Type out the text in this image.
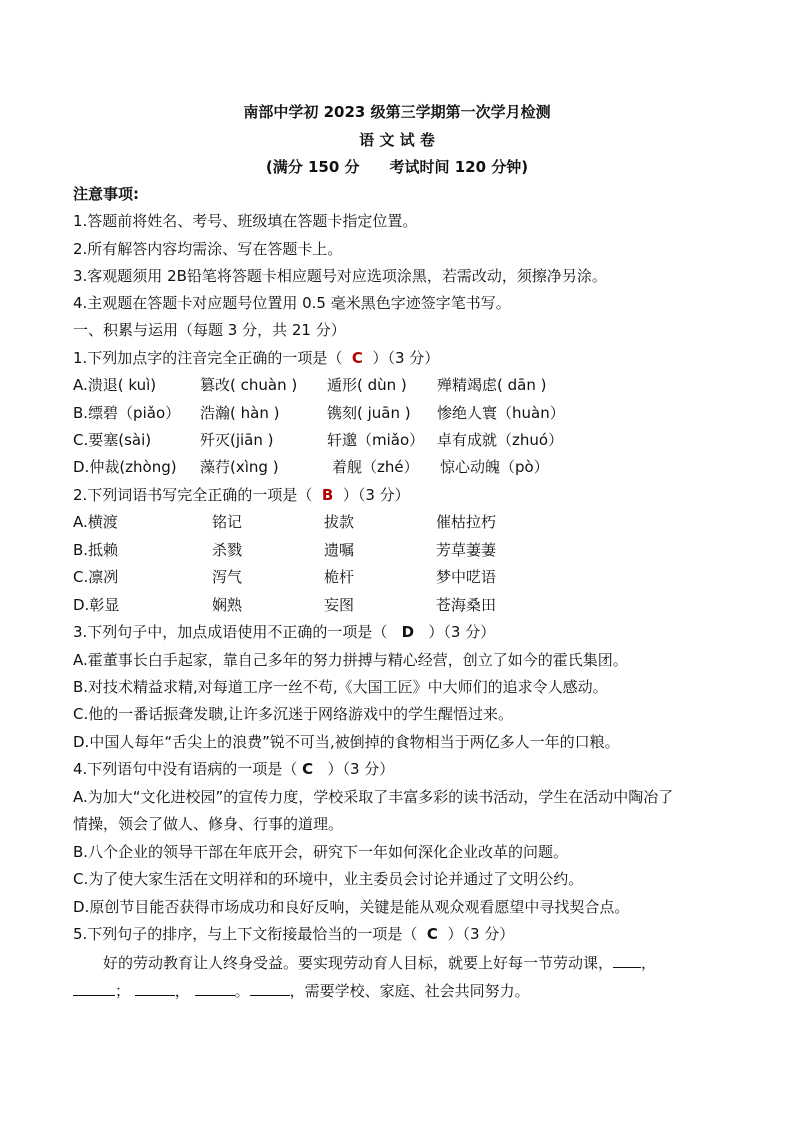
南部中学初 2023 级第三学期第一次学月检测
语 文 试 卷
(满分 150 分　　考试时间 120 分钟)
注意事项:
1.答题前将姓名、考号、班级填在答题卡指定位置。
2.所有解答内容均需涂、写在答题卡上。
3.客观题须用 2B铅笔将答题卡相应题号对应选项涂黑，若需改动，须擦净另涂。
4.主观题在答题卡对应题号位置用 0.5 毫米黑色字迹签字笔书写。
一、积累与运用（每题 3 分，共 21 分）
1.下列加点字的注音完全正确的一项是（ C ）（3 分）
A.溃退( kuì)	篡改( chuàn ) 遁形( dùn ) 殚精竭虑( dān )
B.缥碧（piǎo） 浩瀚( hàn )	镌刻( juān ) 惨绝人寰（huàn）
C.要塞(sài)	歼灭(jiān )	轩邈（miǎo） 卓有成就（zhuó）
D.仲裁(zhòng) 藻荇(xìng )	着舰（zhé） 惊心动魄（pò）
2.下列词语书写完全正确的一项是（ B ）（3 分）
A.横渡	铭记	拔款	催枯拉朽
B.抵赖	杀戮	遗嘱	芳草萋萋
C.凛冽	泻气	桅杆	梦中呓语
D.彰显	娴熟	妄图	苍海桑田
3.下列句子中，加点成语使用不正确的一项是（ D ）（3 分）
A.霍董事长白手起家，靠自己多年的努力拼搏与精心经营，创立了如今的霍氏集团。
B.对技术精益求精,对每道工序一丝不苟,《大国工匠》中大师们的追求令人感动。
C.他的一番话振聋发聩,让许多沉迷于网络游戏中的学生醒悟过来。
D.中国人每年“舌尖上的浪费”锐不可当,被倒掉的食物相当于两亿多人一年的口粮。
4.下列语句中没有语病的一项是（ C ）（3 分）
A.为加大“文化进校园”的宣传力度，学校采取了丰富多彩的读书活动，学生在活动中陶冶了
情操，领会了做人、修身、行事的道理。
B.八个企业的领导干部在年底开会，研究下一年如何深化企业改革的问题。
C.为了使大家生活在文明祥和的环境中，业主委员会讨论并通过了文明公约。
D.原创节目能否获得市场成功和良好反响，关键是能从观众观看愿望中寻找契合点。
5.下列句子的排序，与上下文衔接最恰当的一项是（ C ）（3 分）
好的劳动教育让人终身受益。要实现劳动育人目标，就要上好每一节劳动课， ，
；	，	。	，需要学校、家庭、社会共同努力。
